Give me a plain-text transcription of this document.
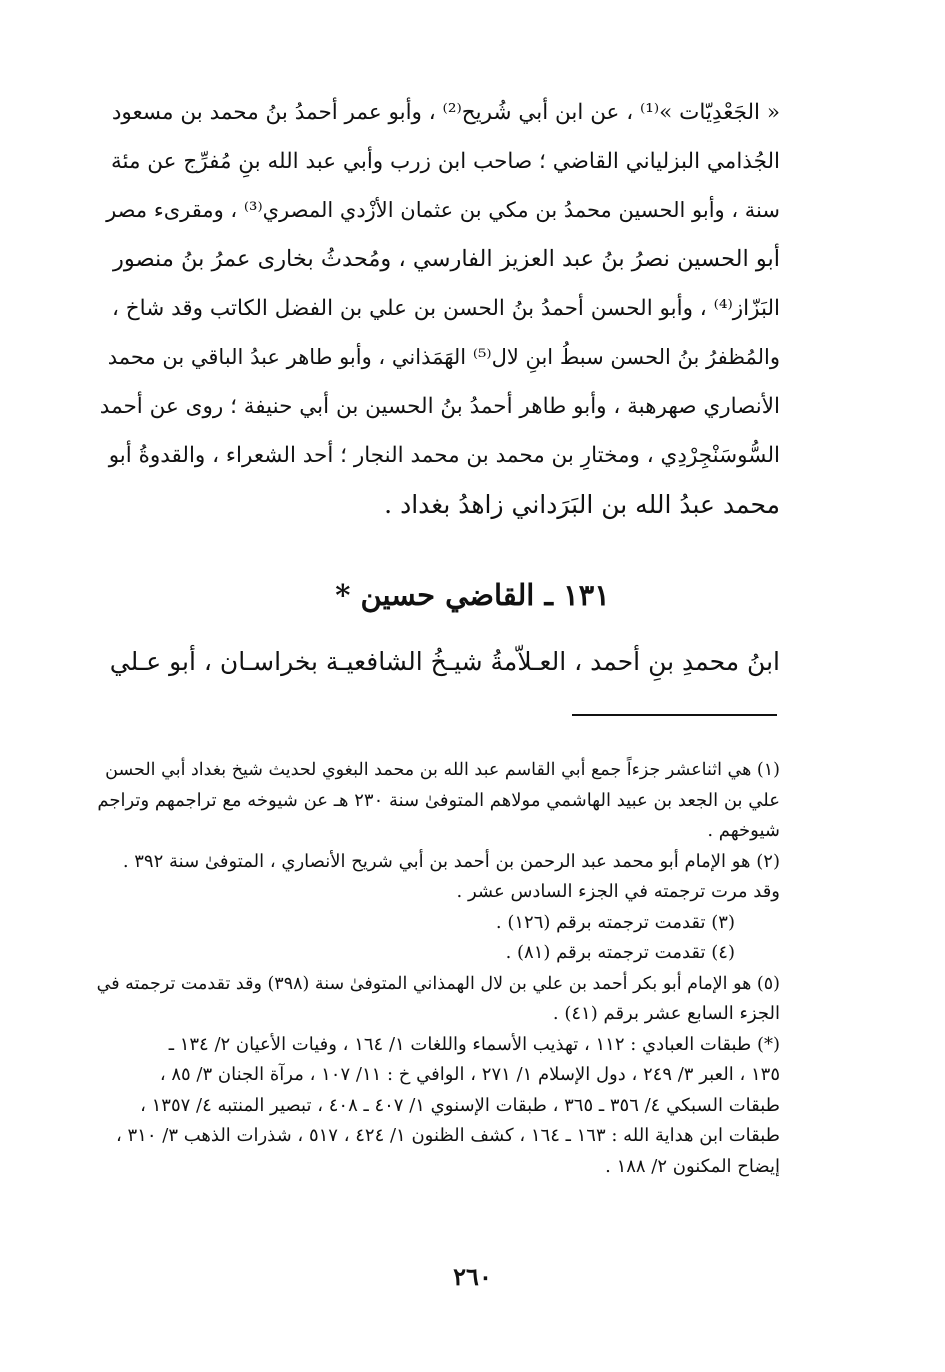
« الجَعْدِيّات »⁽¹⁾ ، عن ابن أبي شُريح⁽²⁾ ، وأبو عمر أحمدُ بنُ محمد بن مسعود
الجُذامي البزلياني القاضي ؛ صاحب ابن زرب وأبي عبد الله بنِ مُفرِّج عن مئة
سنة ، وأبو الحسين محمدُ بن مكي بن عثمان الأزْدي المصري⁽³⁾ ، ومقرىء مصر
أبو الحسين نصرُ بنُ عبد العزيز الفارسي ، ومُحدثُ بخارى عمرُ بنُ منصور
البَزّاز⁽⁴⁾ ، وأبو الحسن أحمدُ بنُ الحسن بن علي بن الفضل الكاتب وقد شاخ ،
والمُظفرُ بنُ الحسن سبطُ ابنِ لال⁽⁵⁾ الهَمَذاني ، وأبو طاهر عبدُ الباقي بن محمد
الأنصاري صهرهبة ، وأبو طاهر أحمدُ بنُ الحسين بن أبي حنيفة ؛ روى عن أحمد
السُّوسَنْجِرْدِي ، ومختارِ بن محمد بن محمد النجار ؛ أحد الشعراء ، والقدوةُ أبو
محمد عبدُ الله بن البَرَداني زاهدُ بغداد .
١٣١ ـ القاضي حسين *
ابنُ محمدِ بنِ أحمد ، العـلاّمةُ شيـخُ الشافعيـة بخراسـان ، أبو عـلي
(١) هي اثناعشر جزءاً جمع أبي القاسم عبد الله بن محمد البغوي لحديث شيخ بغداد أبي الحسن
علي بن الجعد بن عبيد الهاشمي مولاهم المتوفىٰ سنة ٢٣٠ هـ عن شيوخه مع تراجمهم وتراجم
شيوخهم .
(٢) هو الإمام أبو محمد عبد الرحمن بن أحمد بن أبي شريح الأنصاري ، المتوفىٰ سنة ٣٩٢ .
وقد مرت ترجمته في الجزء السادس عشر .
(٣) تقدمت ترجمته برقم (١٢٦) .
(٤) تقدمت ترجمته برقم (٨١) .
(٥) هو الإمام أبو بكر أحمد بن علي بن لال الهمذاني المتوفىٰ سنة (٣٩٨) وقد تقدمت ترجمته في
الجزء السابع عشر برقم (٤١) .
(*) طبقات العبادي : ١١٢ ، تهذيب الأسماء واللغات ١/ ١٦٤ ، وفيات الأعيان ٢/ ١٣٤ ـ
١٣٥ ، العبر ٣/ ٢٤٩ ، دول الإسلام ١/ ٢٧١ ، الوافي خ : ١١/ ١٠٧ ، مرآة الجنان ٣/ ٨٥ ،
طبقات السبكي ٤/ ٣٥٦ ـ ٣٦٥ ، طبقات الإسنوي ١/ ٤٠٧ ـ ٤٠٨ ، تبصير المنتبه ٤/ ١٣٥٧ ،
طبقات ابن هداية الله : ١٦٣ ـ ١٦٤ ، كشف الظنون ١/ ٤٢٤ ، ٥١٧ ، شذرات الذهب ٣/ ٣١٠ ،
إيضاح المكنون ٢/ ١٨٨ .
٢٦٠
